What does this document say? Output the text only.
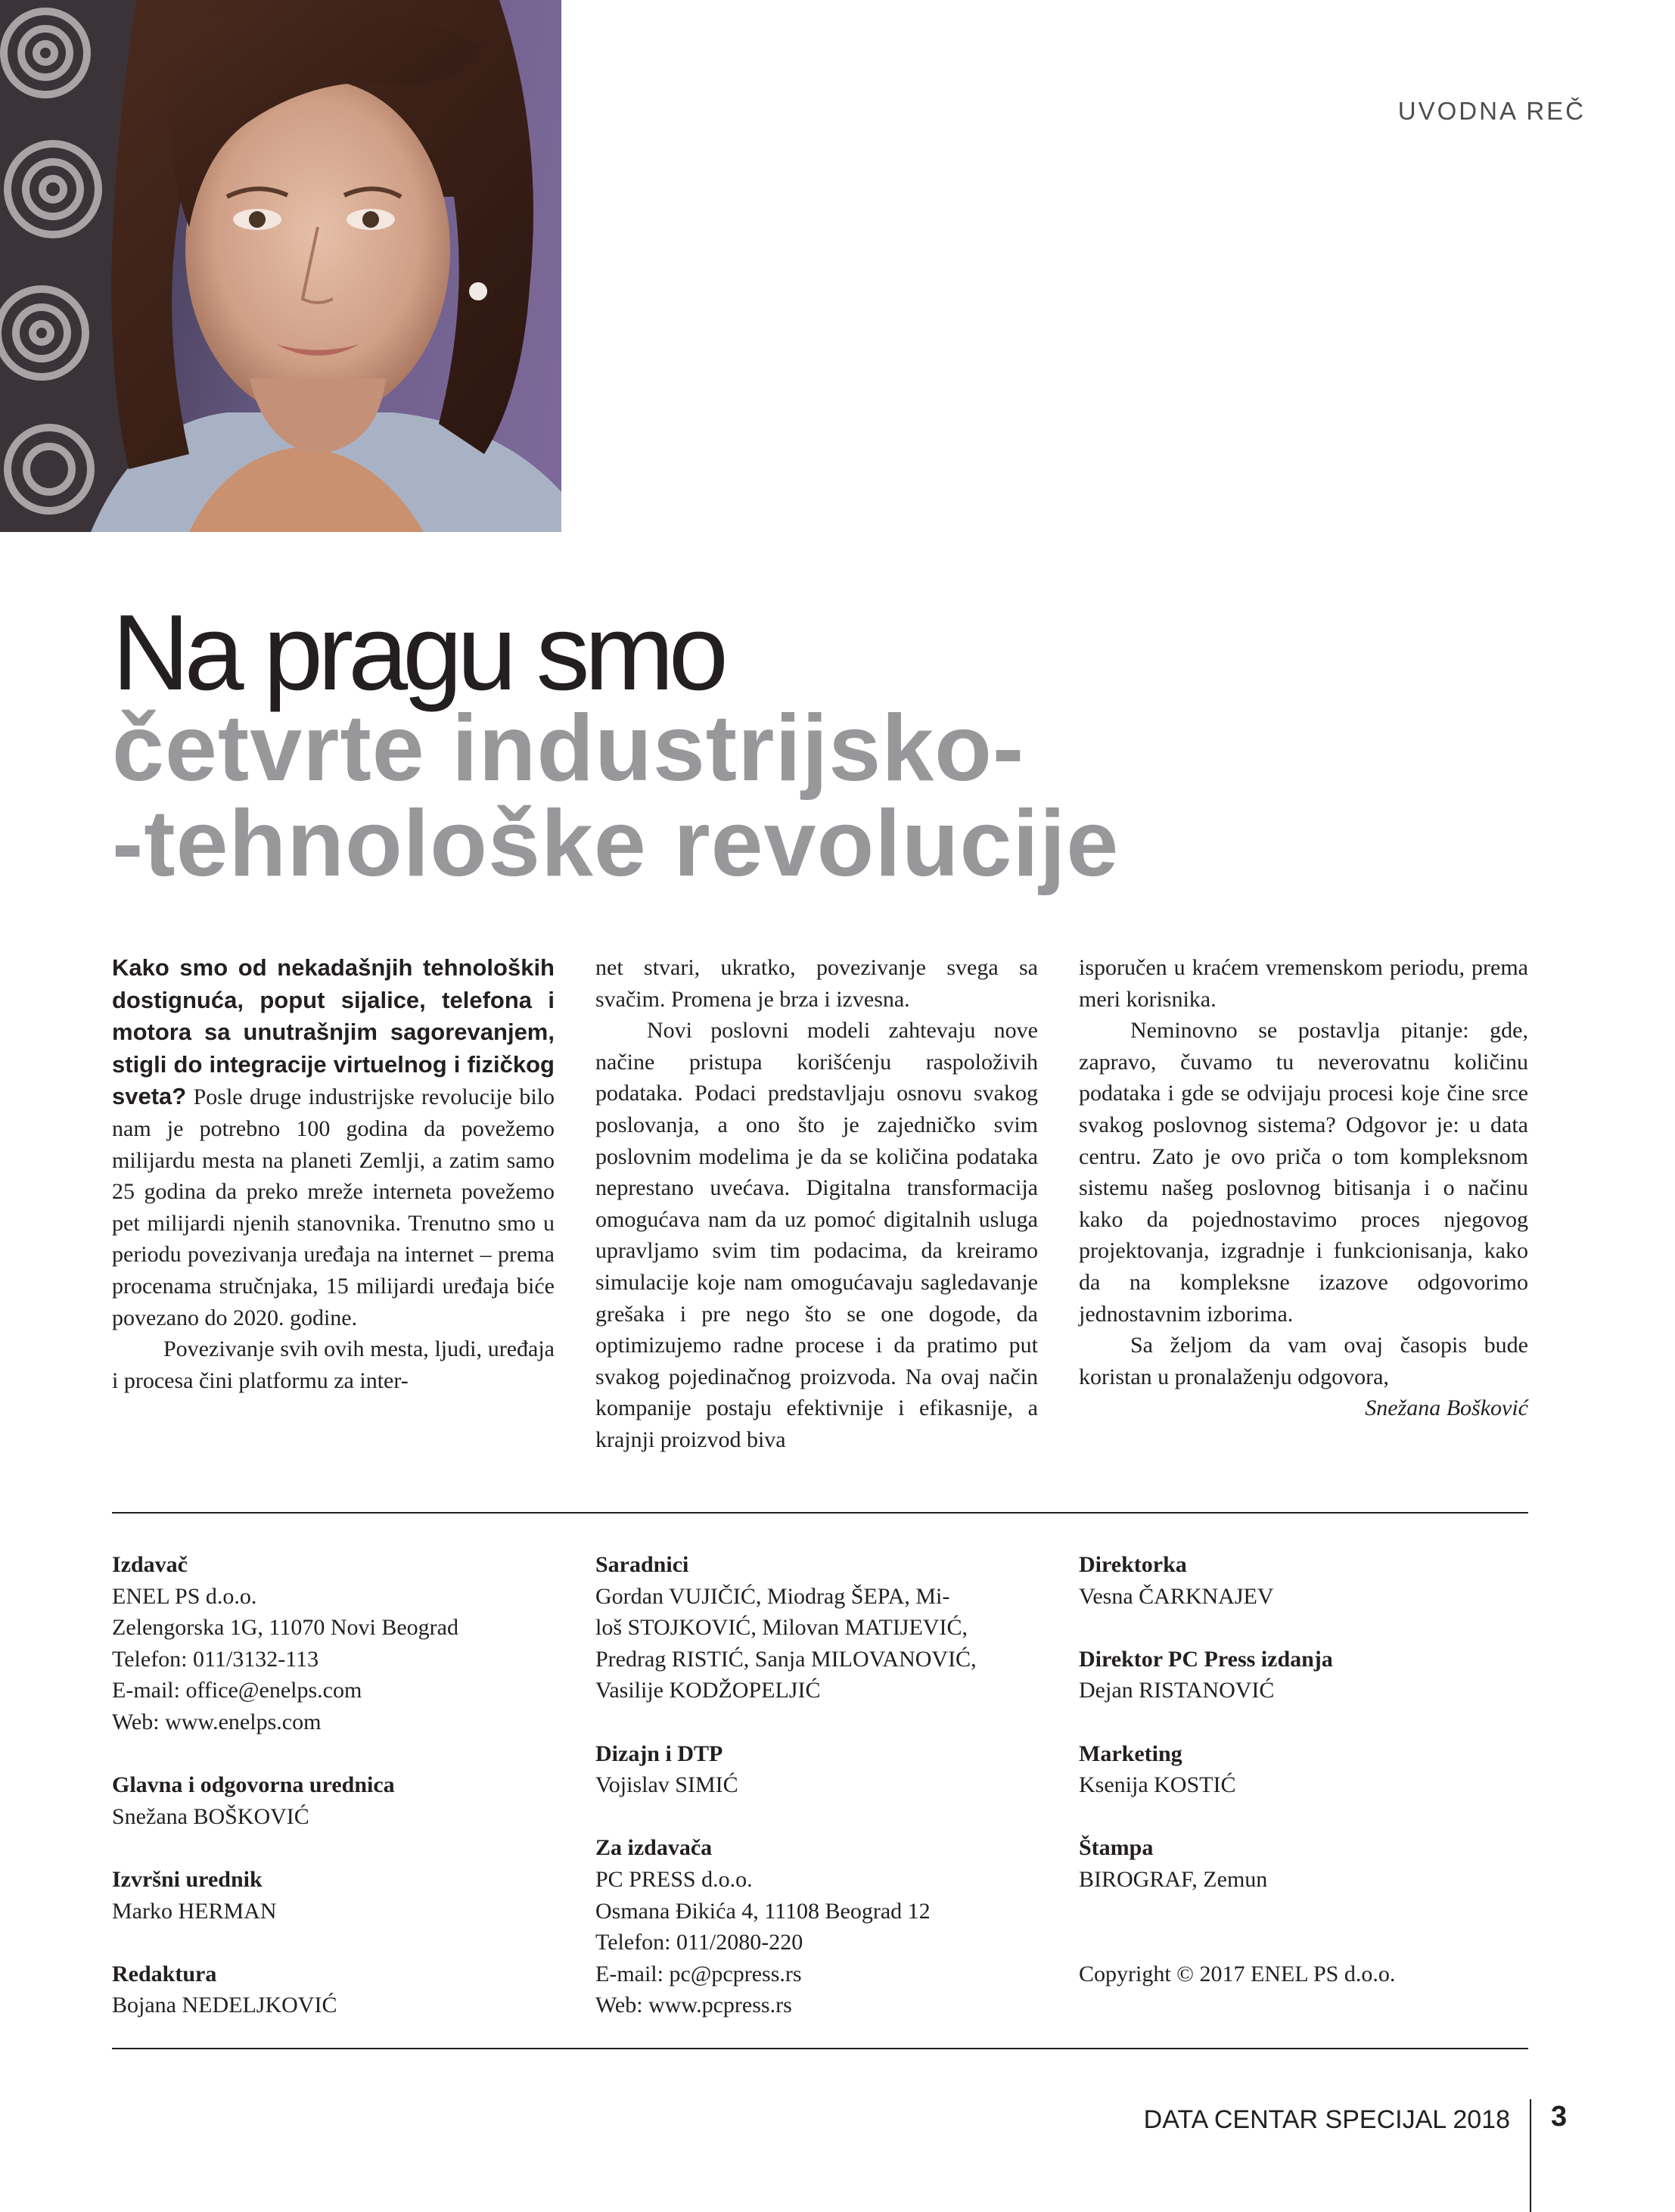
UVODNA REČ

Na pragu smo

četvrte industrijsko-

-tehnološke revolucije

Kako smo od nekadašnjih tehnoloških dostignuća, poput sijalice, telefona i motora sa unutrašnjim sagorevanjem, stigli do integracije virtuelnog i fizičkog sveta? Posle druge industrijske revolucije bilo nam je potrebno 100 godina da povežemo milijardu mesta na planeti Zemlji, a zatim samo 25 godina da preko mreže interneta povežemo pet milijardi njenih stanovnika. Trenutno smo u periodu povezivanja uređaja na internet – prema procenama stručnjaka, 15 milijardi uređaja biće povezano do 2020. godine.

Povezivanje svih ovih mesta, ljudi, uređaja i procesa čini platformu za inter-

net stvari, ukratko, povezivanje svega sa svačim. Promena je brza i izvesna.

Novi poslovni modeli zahtevaju nove načine pristupa korišćenju raspoloživih podataka. Podaci predstavljaju osnovu svakog poslovanja, a ono što je zajedničko svim poslovnim modelima je da se količina podataka neprestano uvećava. Digitalna transformacija omogućava nam da uz pomoć digitalnih usluga upravljamo svim tim podacima, da kreiramo simulacije koje nam omogućavaju sagledavanje grešaka i pre nego što se one dogode, da optimizujemo radne procese i da pratimo put svakog pojedinačnog proizvoda. Na ovaj način kompanije postaju efektivnije i efikasnije, a krajnji proizvod biva

isporučen u kraćem vremenskom periodu, prema meri korisnika.

Neminovno se postavlja pitanje: gde, zapravo, čuvamo tu neverovatnu količinu podataka i gde se odvijaju procesi koje čine srce svakog poslovnog sistema? Odgovor je: u data centru. Zato je ovo priča o tom kompleksnom sistemu našeg poslovnog bitisanja i o načinu kako da pojednostavimo proces njegovog projektovanja, izgradnje i funkcionisanja, kako da na kompleksne izazove odgovorimo jednostavnim izborima.

Sa željom da vam ovaj časopis bude koristan u pronalaženju odgovora,

Snežana Bošković

Izdavač
ENEL PS d.o.o.
Zelengorska 1G, 11070 Novi Beograd
Telefon: 011/3132-113
E-mail: office@enelps.com
Web: www.enelps.com
Glavna i odgovorna urednica
Snežana BOŠKOVIĆ
Izvršni urednik
Marko HERMAN
Redaktura
Bojana NEDELJKOVIĆ
Saradnici
Gordan VUJIČIĆ, Miodrag ŠEPA, Mi-
loš STOJKOVIĆ, Milovan MATIJEVIĆ,
Predrag RISTIĆ, Sanja MILOVANOVIĆ,
Vasilije KODŽOPELJIĆ
Dizajn i DTP
Vojislav SIMIĆ
Za izdavača
PC PRESS d.o.o.
Osmana Đikića 4, 11108 Beograd 12
Telefon: 011/2080-220
E-mail: pc@pcpress.rs
Web: www.pcpress.rs
Direktorka
Vesna ČARKNAJEV
Direktor PC Press izdanja
Dejan RISTANOVIĆ
Marketing
Ksenija KOSTIĆ
Štampa
BIROGRAF, Zemun
Copyright © 2017 ENEL PS d.o.o.
DATA CENTAR SPECIJAL 2018 3
